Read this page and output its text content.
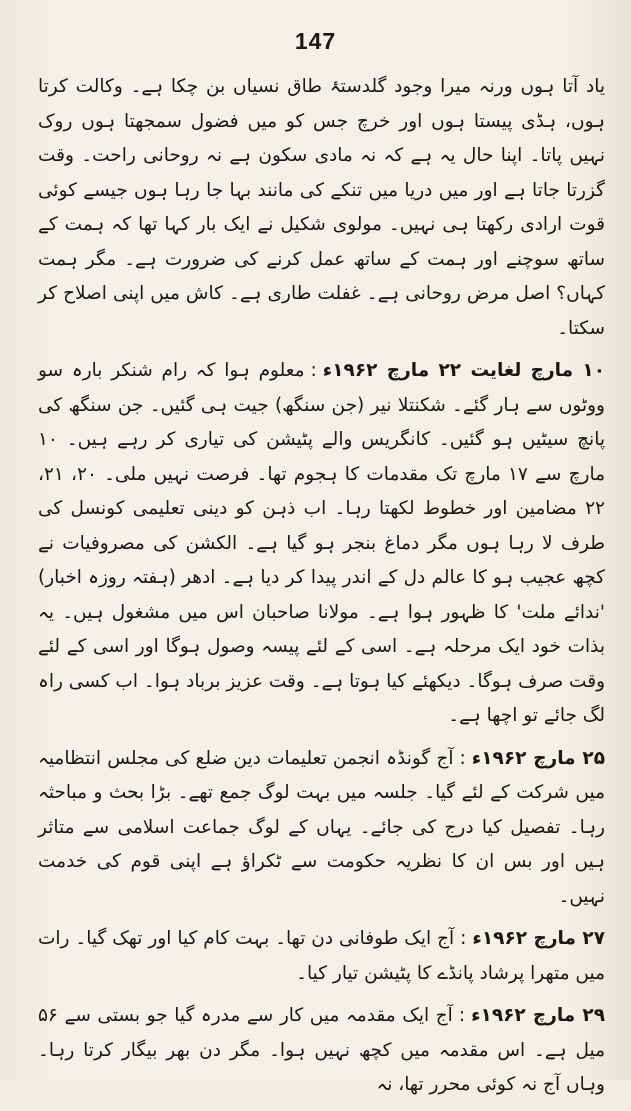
147

یاد آتا ہوں ورنہ میرا وجود گلدستۂ طاق نسیاں بن چکا ہے۔ وکالت کرتا ہوں، ہڈی پیستا ہوں اور خرچ جس کو میں فضول سمجھتا ہوں روک نہیں پاتا۔ اپنا حال یہ ہے کہ نہ مادی سکون ہے نہ روحانی راحت۔ وقت گزرتا جاتا ہے اور میں دریا میں تنکے کی مانند بہا جا رہا ہوں جیسے کوئی قوت ارادی رکھتا ہی نہیں۔ مولوی شکیل نے ایک بار کہا تھا کہ ہمت کے ساتھ سوچنے اور ہمت کے ساتھ عمل کرنے کی ضرورت ہے۔ مگر ہمت کہاں؟ اصل مرض روحانی ہے۔ غفلت طاری ہے۔ کاش میں اپنی اصلاح کر سکتا۔

۱۰ مارچ لغایت ۲۲ مارچ ۱۹۶۲ء:معلوم ہوا کہ رام شنکر بارہ سو ووٹوں سے ہار گئے۔ شکنتلا نیر (جن سنگھ) جیت ہی گئیں۔ جن سنگھ کی پانچ سیٹیں ہو گئیں۔ کانگریس والے پٹیشن کی تیاری کر رہے ہیں۔ ۱۰ مارچ سے ۱۷ مارچ تک مقدمات کا ہجوم تھا۔ فرصت نہیں ملی۔ ۲۰، ۲۱، ۲۲ مضامین اور خطوط لکھتا رہا۔ اب ذہن کو دینی تعلیمی کونسل کی طرف لا رہا ہوں مگر دماغ بنجر ہو گیا ہے۔ الکشن کی مصروفیات نے کچھ عجیب ہو کا عالم دل کے اندر پیدا کر دیا ہے۔ ادھر (ہفتہ روزہ اخبار) 'ندائے ملت' کا ظہور ہوا ہے۔ مولانا صاحبان اس میں مشغول ہیں۔ یہ بذات خود ایک مرحلہ ہے۔ اسی کے لئے پیسہ وصول ہوگا اور اسی کے لئے وقت صرف ہوگا۔ دیکھئے کیا ہوتا ہے۔ وقت عزیز برباد ہوا۔ اب کسی راہ لگ جائے تو اچھا ہے۔

۲۵ مارچ ۱۹۶۲ء:آج گونڈہ انجمن تعلیمات دین ضلع کی مجلس انتظامیہ میں شرکت کے لئے گیا۔ جلسہ میں بہت لوگ جمع تھے۔ بڑا بحث و مباحثہ رہا۔ تفصیل کیا درج کی جائے۔ یہاں کے لوگ جماعت اسلامی سے متاثر ہیں اور بس ان کا نظریہ حکومت سے ٹکراؤ ہے اپنی قوم کی خدمت نہیں۔

۲۷ مارچ ۱۹۶۲ء:آج ایک طوفانی دن تھا۔ بہت کام کیا اور تھک گیا۔ رات میں متھرا پرشاد پانڈے کا پٹیشن تیار کیا۔

۲۹ مارچ ۱۹۶۲ء:آج ایک مقدمہ میں کار سے مدرہ گیا جو بستی سے ۵۶ میل ہے۔ اس مقدمہ میں کچھ نہیں ہوا۔ مگر دن بھر بیگار کرتا رہا۔ وہاں آج نہ کوئی محرر تھا، نہ
